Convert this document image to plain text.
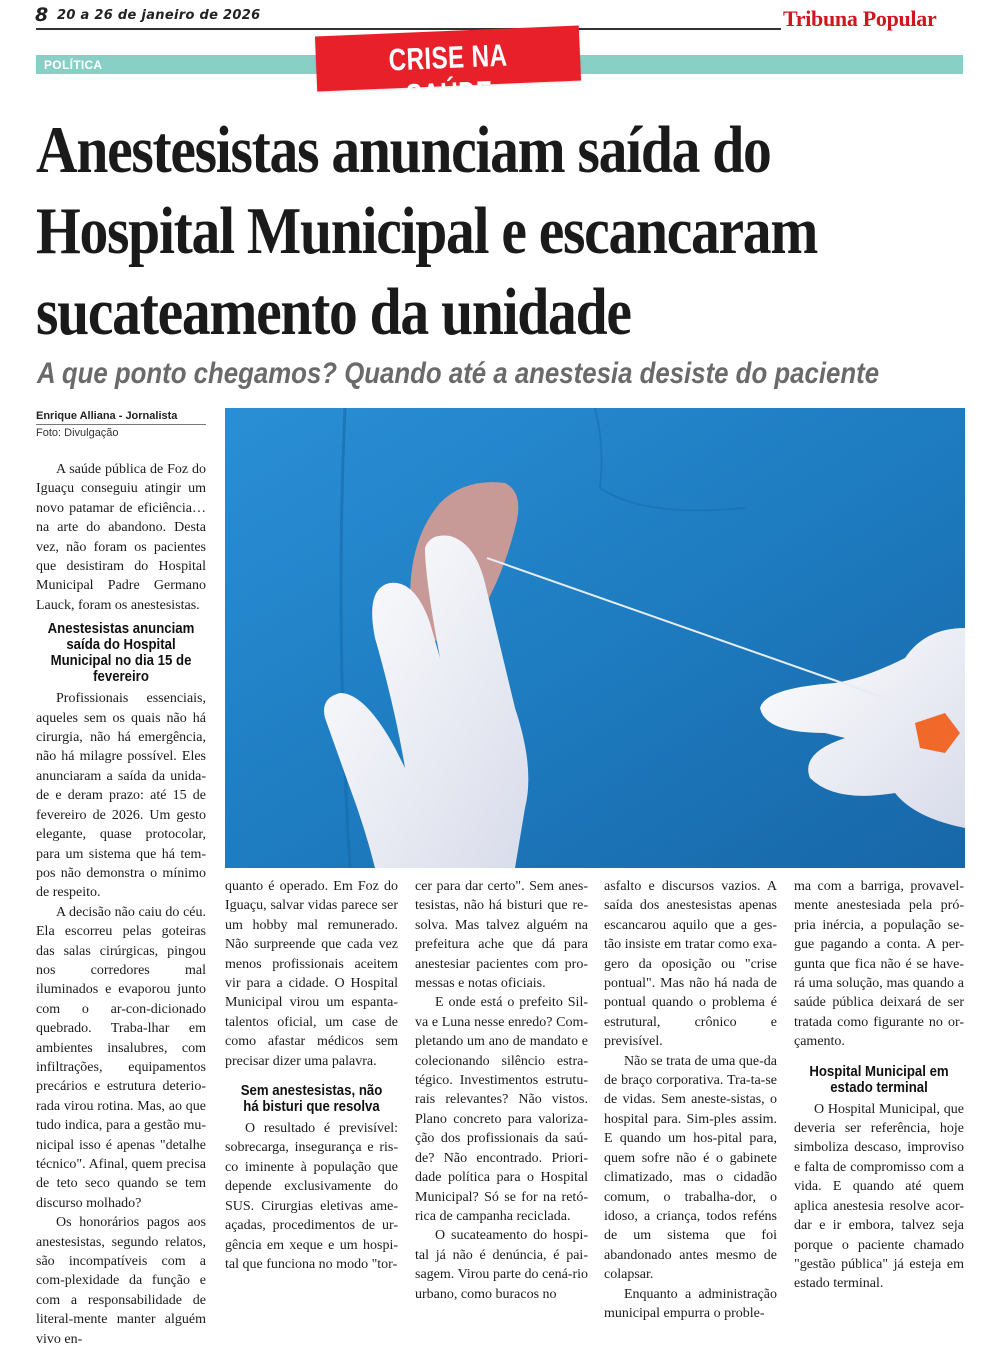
8 20 a 26 de janeiro de 2026	Tribuna Popular
POLÍTICA	CRISE NA SAÚDE
Anestesistas anunciam saída do
Hospital Municipal e escancaram
sucateamento da unidade
A que ponto chegamos? Quando até a anestesia desiste do paciente
Enrique Alliana - Jornalista
Foto: Divulgação

A saúde pública de Foz do Iguaçu conseguiu atingir um novo patamar de eficiência… na arte do abandono. Desta vez, não foram os pacientes que desistiram do Hospital Municipal Padre Germano Lauck, foram os anestesistas.

Anestesistas anunciam saída do Hospital Municipal no dia 15 de fevereiro

Profissionais essenciais, aqueles sem os quais não há cirurgia, não há emergência, não há milagre possível. Eles anunciaram a saída da unida-de e deram prazo: até 15 de fevereiro de 2026. Um gesto elegante, quase protocolar, para um sistema que há tem-pos não demonstra o mínimo de respeito.

A decisão não caiu do céu. Ela escorreu pelas goteiras das salas cirúrgicas, pingou nos corredores mal iluminados e evaporou junto com o ar-con-dicionado quebrado. Traba-lhar em ambientes insalubres, com infiltrações, equipamentos precários e estrutura deterio-rada virou rotina. Mas, ao que tudo indica, para a gestão mu-nicipal isso é apenas "detalhe técnico". Afinal, quem precisa de teto seco quando se tem discurso molhado?

Os honorários pagos aos anestesistas, segundo relatos, são incompatíveis com a com-plexidade da função e com a responsabilidade de literal-mente manter alguém vivo en-

quanto é operado. Em Foz do Iguaçu, salvar vidas parece ser um hobby mal remunerado. Não surpreende que cada vez menos profissionais aceitem vir para a cidade. O Hospital Municipal virou um espanta-talentos oficial, um case de como afastar médicos sem precisar dizer uma palavra.

Sem anestesistas, não há bisturi que resolva

O resultado é previsível: sobrecarga, insegurança e ris-co iminente à população que depende exclusivamente do SUS. Cirurgias eletivas ame-açadas, procedimentos de ur-gência em xeque e um hospi-tal que funciona no modo "tor-

cer para dar certo". Sem anes-tesistas, não há bisturi que re-solva. Mas talvez alguém na prefeitura ache que dá para anestesiar pacientes com pro-messas e notas oficiais.

E onde está o prefeito Sil-va e Luna nesse enredo? Com-pletando um ano de mandato e colecionando silêncio estra-tégico. Investimentos estrutu-rais relevantes? Não vistos. Plano concreto para valoriza-ção dos profissionais da saú-de? Não encontrado. Priori-dade política para o Hospital Municipal? Só se for na retó-rica de campanha reciclada.

O sucateamento do hospi-tal já não é denúncia, é pai-sagem. Virou parte do cená-rio urbano, como buracos no

asfalto e discursos vazios. A saída dos anestesistas apenas escancarou aquilo que a ges-tão insiste em tratar como exa-gero da oposição ou "crise pontual". Mas não há nada de pontual quando o problema é estrutural, crônico e previsível.

Não se trata de uma que-da de braço corporativa. Tra-ta-se de vidas. Sem aneste-sistas, o hospital para. Sim-ples assim. E quando um hos-pital para, quem sofre não é o gabinete climatizado, mas o cidadão comum, o trabalha-dor, o idoso, a criança, todos reféns de um sistema que foi abandonado antes mesmo de colapsar.

Enquanto a administração municipal empurra o proble-

ma com a barriga, provavel-mente anestesiada pela pró-pria inércia, a população se-gue pagando a conta. A per-gunta que fica não é se have-rá uma solução, mas quando a saúde pública deixará de ser tratada como figurante no or-çamento.

Hospital Municipal em estado terminal

O Hospital Municipal, que deveria ser referência, hoje simboliza descaso, improviso e falta de compromisso com a vida. E quando até quem aplica anestesia resolve acor-dar e ir embora, talvez seja porque o paciente chamado "gestão pública" já esteja em estado terminal.
